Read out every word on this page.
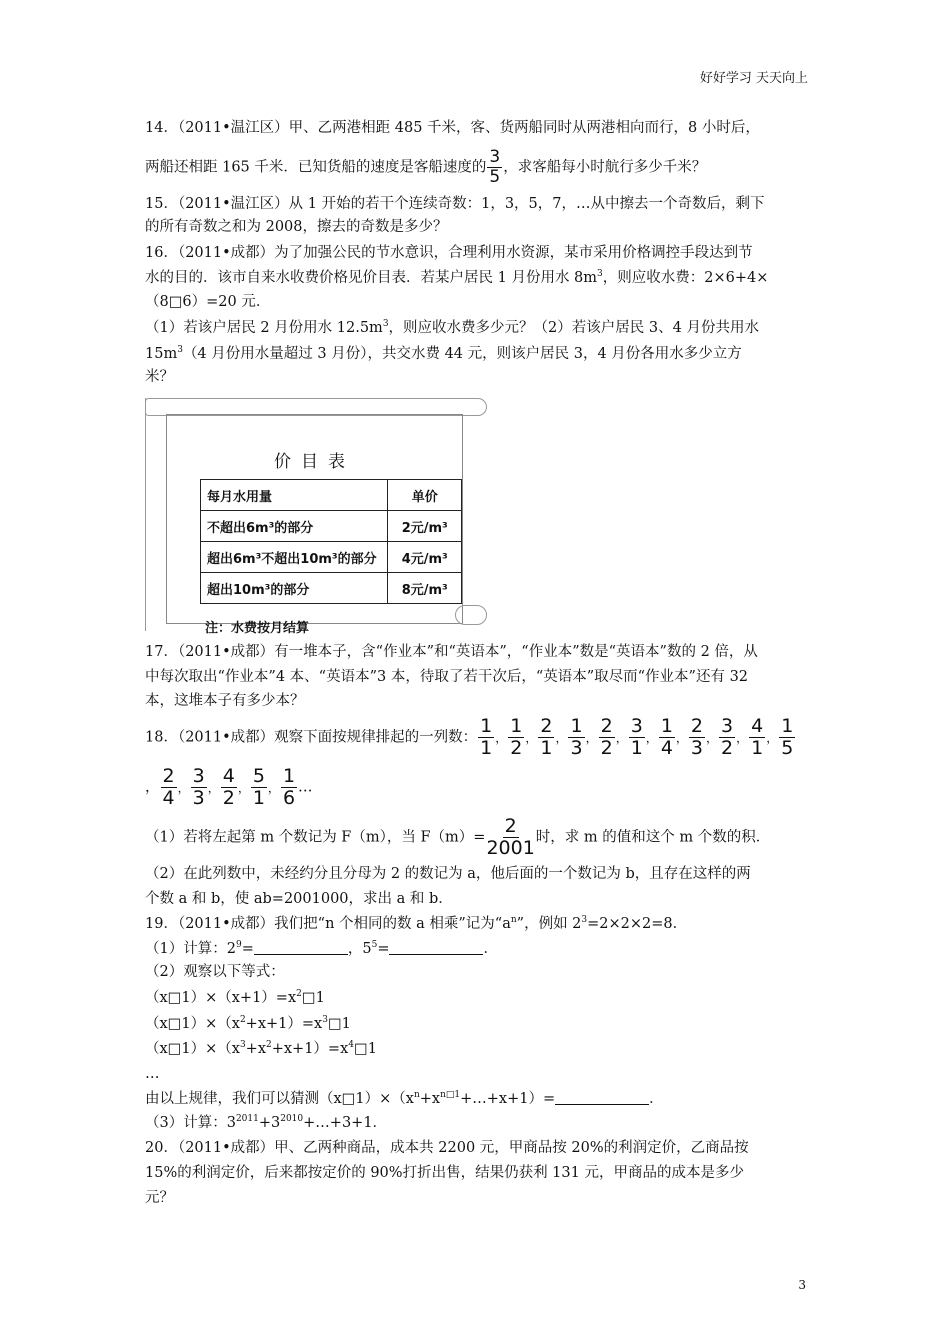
好好学习 天天向上
14．（2011•温江区）甲、乙两港相距 485 千米，客、货两船同时从两港相向而行，8 小时后，
两船还相距 165 千米．已知货船的速度是客船速度的 $\frac{3}{5}$ ，求客船每小时航行多少千米？
15．（2011•温江区）从 1 开始的若干个连续奇数：1，3，5，7，…从中擦去一个奇数后，剩下
的所有奇数之和为 2008，擦去的奇数是多少？
16．（2011•成都）为了加强公民的节水意识，合理利用水资源，某市采用价格调控手段达到节
水的目的．该市自来水收费价格见价目表．若某户居民 1 月份用水 $8m^3$，则应收水费：2×6+4×
（8□6）=20 元．
（1）若该户居民 2 月份用水 $12.5m^3$，则应收水费多少元？（2）若该户居民 3、4 月份共用水
$15m^3(4$ 月份用水量超过 3 月份），共交水费 44 元，则该户居民 3，4 月份各用水多少立方
米？
价目表
每月水用量	单价
不超出6m³的部分	2元/m³
超出6m³不超出10m³的部分	4元/m³
超出10m³的部分	8元/m³
注：水费按月结算
17．（2011•成都）有一堆本子，含“作业本”和“英语本”，“作业本”数是“英语本”数的 2 倍，从
中每次取出“作业本”4 本、“英语本”3 本，待取了若干次后，“英语本”取尽而“作业本”还有 32
本，这堆本子有多少本？
18．（2011•成都）观察下面按规律排起的一列数： $\frac{1}{1}$ ， $\frac{1}{2}$ ， $\frac{2}{1}$ ， $\frac{1}{3}$ ， $\frac{2}{2}$ ， $\frac{3}{1}$ ， $\frac{1}{4}$ ， $\frac{2}{3}$ ， $\frac{3}{2}$ ， $\frac{4}{1}$ ， $\frac{1}{5}$
， $\frac{2}{4}$ ， $\frac{3}{3}$ ， $\frac{4}{2}$ ， $\frac{5}{1}$ ， $\frac{1}{6}$ …
（1）若将左起第 m 个数记为 F（m），当 $F(m)= \frac{2}{2001}$ 时，求 m 的值和这个 m 个数的积．
（2）在此列数中，未经约分且分母为 2 的数记为 a，他后面的一个数记为 b，且存在这样的两
个数 a 和 b，使 ab=2001000，求出 a 和 b．
19．（2011•成都）我们把“n 个相同的数 a 相乘”记为“$a^n$”，例如 $2^3=2\times 2\times 2=8$．
（1）计算：$2^9=$	，$5^5=$	．
（2）观察以下等式：
$(x□1)\times(x+1)=x^2□1$
$(x□1)\times(x^2+x+1)=x^3□1$
$(x□1)\times(x^3+x^2+x+1)=x^4□1$
…
由以上规律，我们可以猜测$(x□1)\times(x^n+x^{n□1}+\dots+x+1)=$	．
（3）计算：$3^{2011}+3^{2010}+\dots+3+1$．
20．（2011•成都）甲、乙两种商品，成本共 2200 元，甲商品按 20%的利润定价，乙商品按
15%的利润定价，后来都按定价的 90%打折出售，结果仍获利 131 元，甲商品的成本是多少
元？
3
